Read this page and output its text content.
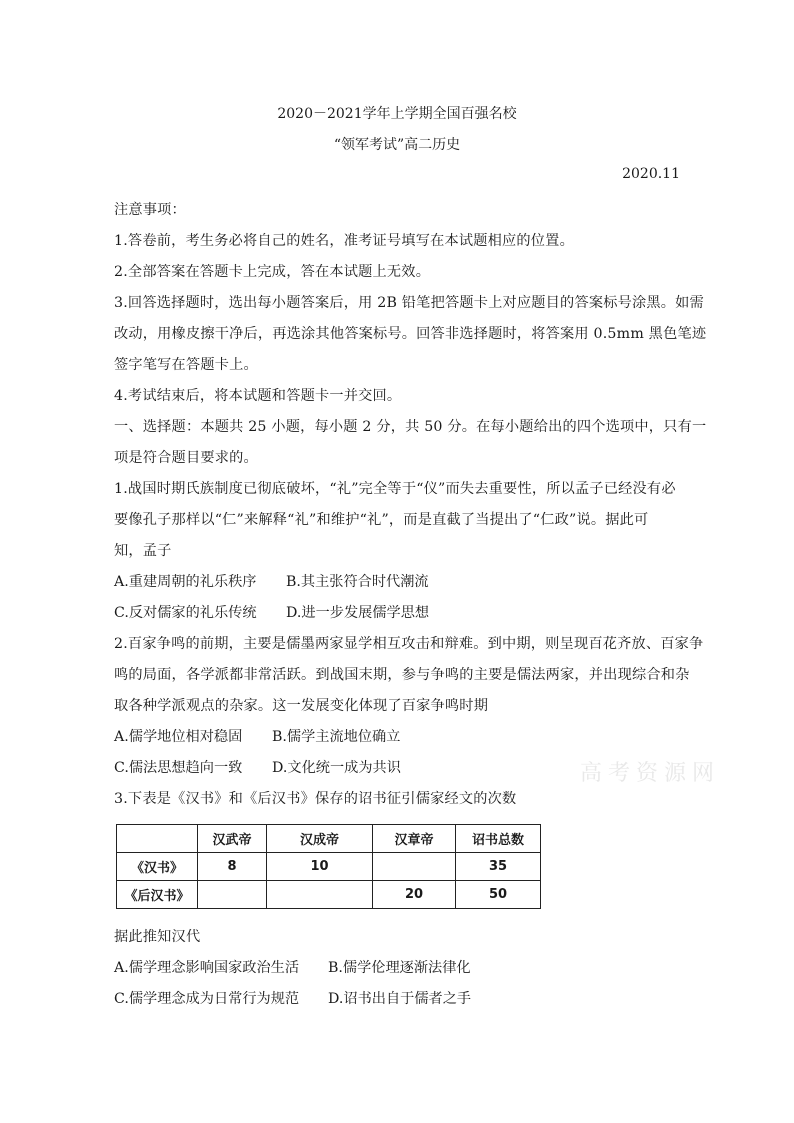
2020－2021学年上学期全国百强名校
“领军考试”高二历史
2020.11
注意事项：
1.答卷前，考生务必将自己的姓名，准考证号填写在本试题相应的位置。
2.全部答案在答题卡上完成，答在本试题上无效。
3.回答选择题时，选出每小题答案后，用 2B 铅笔把答题卡上对应题目的答案标号涂黑。如需
改动，用橡皮擦干净后，再选涂其他答案标号。回答非选择题时，将答案用 0.5mm 黑色笔迹
签字笔写在答题卡上。
4.考试结束后，将本试题和答题卡一并交回。
一、选择题：本题共 25 小题，每小题 2 分，共 50 分。在每小题给出的四个选项中，只有一
项是符合题目要求的。
1.战国时期氏族制度已彻底破坏，“礼”完全等于“仪”而失去重要性，所以孟子已经没有必
要像孔子那样以“仁”来解释“礼”和维护“礼”，而是直截了当提出了“仁政”说。据此可
知，孟子
A.重建周朝的礼乐秩序 B.其主张符合时代潮流
C.反对儒家的礼乐传统 D.进一步发展儒学思想
2.百家争鸣的前期，主要是儒墨两家显学相互攻击和辩难。到中期，则呈现百花齐放、百家争
鸣的局面，各学派都非常活跃。到战国末期，参与争鸣的主要是儒法两家，并出现综合和杂
取各种学派观点的杂家。这一发展变化体现了百家争鸣时期
A.儒学地位相对稳固 B.儒学主流地位确立
C.儒法思想趋向一致 D.文化统一成为共识	高考资源网
3.下表是《汉书》和《后汉书》保存的诏书征引儒家经文的次数
	汉武帝	汉成帝	汉章帝	诏书总数
《汉书》	8	10		35
《后汉书》			20	50
据此推知汉代
A.儒学理念影响国家政治生活 B.儒学伦理逐渐法律化
C.儒学理念成为日常行为规范 D.诏书出自于儒者之手
